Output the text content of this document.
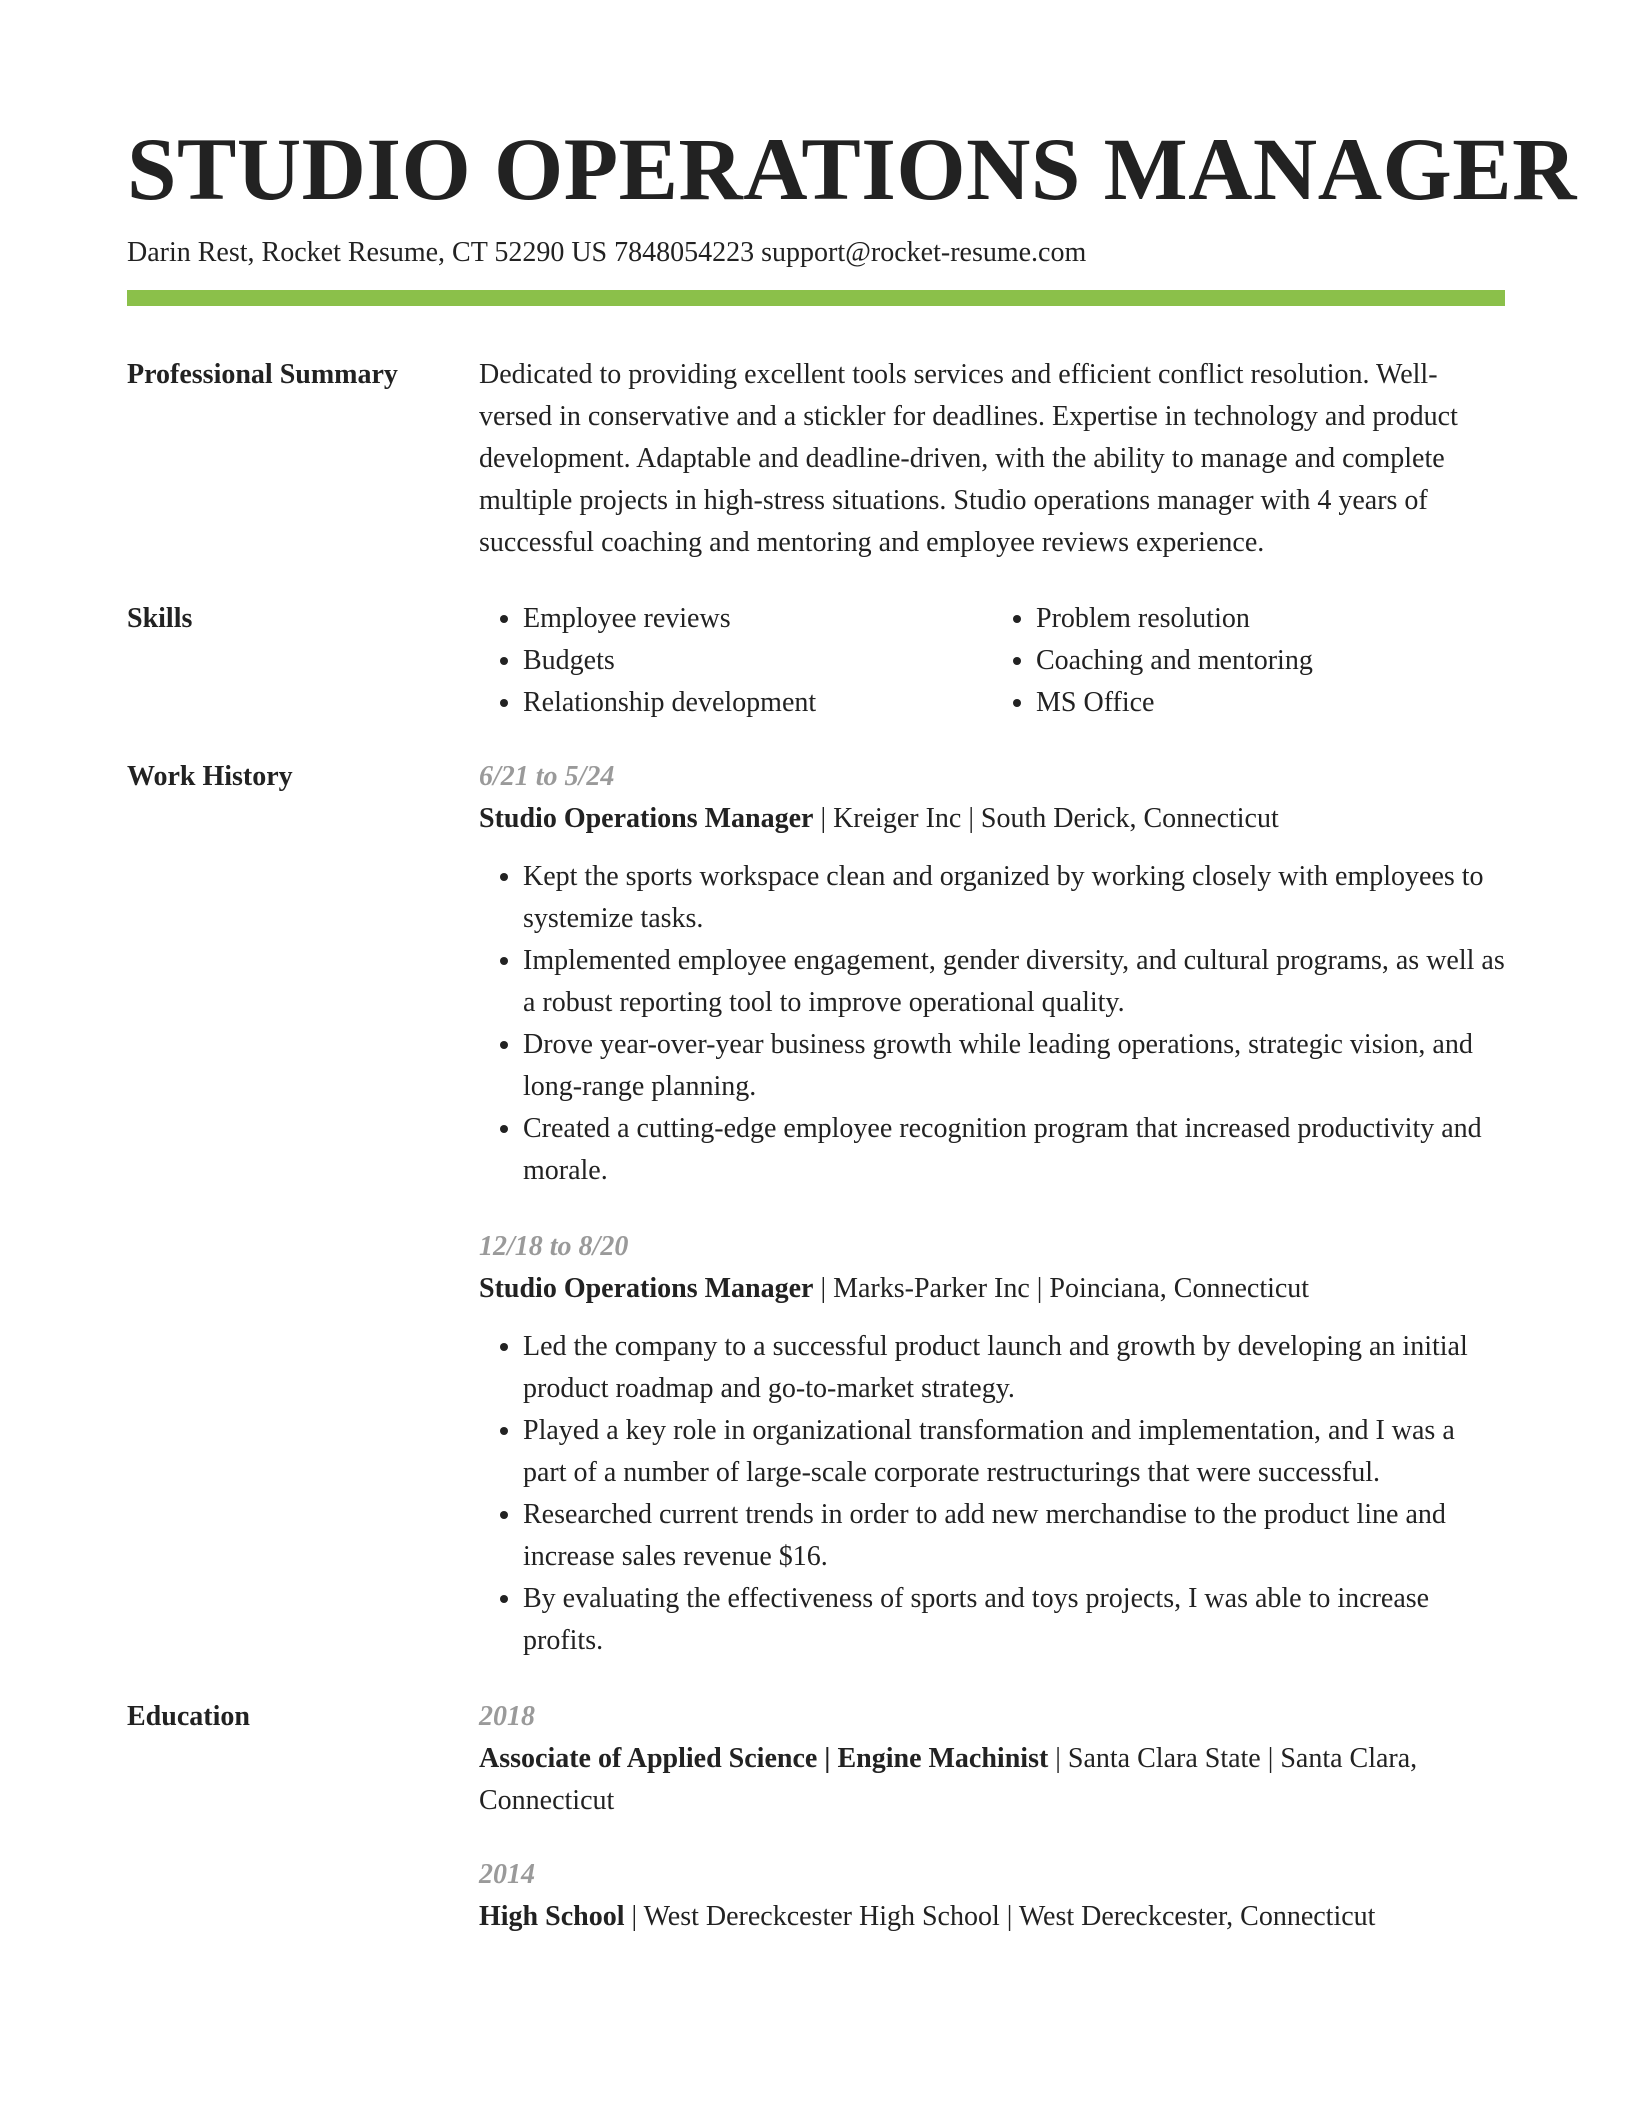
STUDIO OPERATIONS MANAGER
Darin Rest, Rocket Resume, CT 52290 US 7848054223 support@rocket-resume.com
Professional Summary	Dedicated to providing excellent tools services and efficient conflict resolution. Well-versed in conservative and a stickler for deadlines. Expertise in technology and product development. Adaptable and deadline-driven, with the ability to manage and complete multiple projects in high-stress situations. Studio operations manager with 4 years of successful coaching and mentoring and employee reviews experience.
Skills
•	Employee reviews
• Budgets
• Relationship development
• Problem resolution
• Coaching and mentoring
• MS Office
Work History	6/21 to 5/24
Studio Operations Manager | Kreiger Inc | South Derick, Connecticut
• Kept the sports workspace clean and organized by working closely with employees to systemize tasks.
• Implemented employee engagement, gender diversity, and cultural programs, as well as a robust reporting tool to improve operational quality.
• Drove year-over-year business growth while leading operations, strategic vision, and long-range planning.
• Created a cutting-edge employee recognition program that increased productivity and morale.
12/18 to 8/20
Studio Operations Manager | Marks-Parker Inc | Poinciana, Connecticut
• Led the company to a successful product launch and growth by developing an initial product roadmap and go-to-market strategy.
• Played a key role in organizational transformation and implementation, and I was a part of a number of large-scale corporate restructurings that were successful.
• Researched current trends in order to add new merchandise to the product line and increase sales revenue $16.
• By evaluating the effectiveness of sports and toys projects, I was able to increase profits.
Education	2018
Associate of Applied Science | Engine Machinist | Santa Clara State | Santa Clara, Connecticut
2014
High School | West Dereckcester High School | West Dereckcester, Connecticut
